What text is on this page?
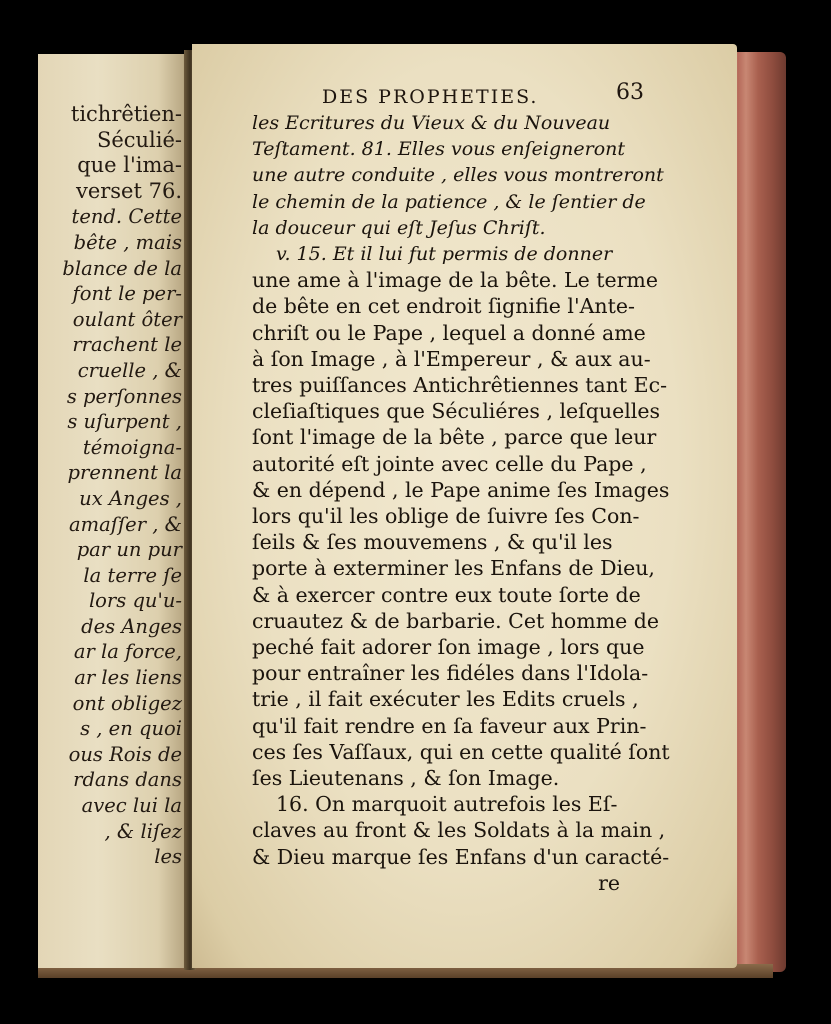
tichrêtien-
Séculié-
que l'ima-
verset 76.
tend. Cette
bête , mais
blance de la
font le per-
oulant ôter
rrachent le
cruelle , &
s perſonnes
s uſurpent ,
témoigna-
prennent la
ux Anges ,
amaſſer , &
par un pur
la terre ſe
lors qu'u-
des Anges
ar la force,
ar les liens
ont obligez
s , en quoi
ous Rois de
rdans dans
avec lui la
, & liſez
les
DES PROPHETIES.	63
les Ecritures du Vieux & du Nouveau
Teſtament. 81. Elles vous enſeigneront
une autre conduite , elles vous montreront
le chemin de la patience , & le ſentier de
la douceur qui eſt Jeſus Chriſt.
v. 15. Et il lui fut permis de donner
une ame à l'image de la bête. Le terme
de bête en cet endroit ſignifie l'Ante-
chriſt ou le Pape , lequel a donné ame
à ſon Image , à l'Empereur , & aux au-
tres puiſſances Antichrêtiennes tant Ec-
cleſiaſtiques que Séculiéres , leſquelles
ſont l'image de la bête , parce que leur
autorité eſt jointe avec celle du Pape ,
& en dépend , le Pape anime ſes Images
lors qu'il les oblige de ſuivre ſes Con-
ſeils & ſes mouvemens , & qu'il les
porte à exterminer les Enfans de Dieu,
& à exercer contre eux toute ſorte de
cruautez & de barbarie. Cet homme de
peché fait adorer ſon image , lors que
pour entraîner les fidéles dans l'Idola-
trie , il fait exécuter les Edits cruels ,
qu'il fait rendre en ſa faveur aux Prin-
ces ſes Vaſſaux, qui en cette qualité ſont
ſes Lieutenans , & ſon Image.
16. On marquoit autrefois les Eſ-
claves au front & les Soldats à la main ,
& Dieu marque ſes Enfans d'un caracté-
re
